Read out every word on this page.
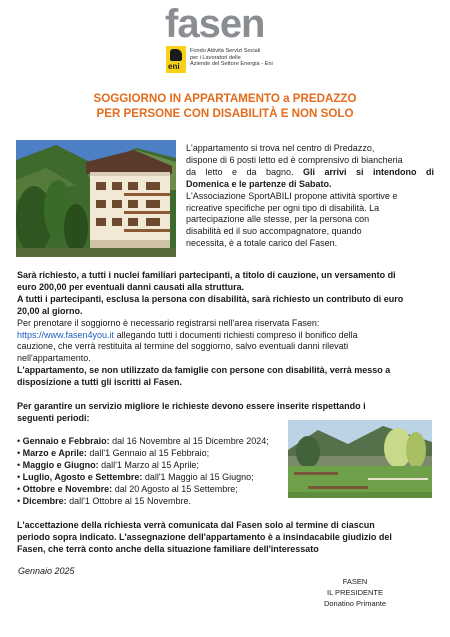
fasen
eni
Fondo Attività Servizi Sociali
per i Lavoratori delle
Aziende del Settore Energia - Eni
SOGGIORNO IN APPARTAMENTO a PREDAZZO
PER PERSONE CON DISABILITÀ E NON SOLO
L'appartamento si trova nel centro di Predazzo,
dispone di 6 posti letto ed è comprensivo di biancheria
da letto e da bagno. Gli arrivi si intendono di
Domenica e le partenze di Sabato.
L'Associazione SportABILI propone attività sportive e
ricreative specifiche per ogni tipo di disabilità. La
partecipazione alle stesse, per la persona con
disabilità ed il suo accompagnatore, quando
necessita, è a totale carico del Fasen.
Sarà richiesto, a tutti i nuclei familiari partecipanti, a titolo di cauzione, un versamento di
euro 200,00 per eventuali danni causati alla struttura.
A tutti i partecipanti, esclusa la persona con disabilità, sarà richiesto un contributo di euro
20,00 al giorno.
Per prenotare il soggiorno è necessario registrarsi nell'area riservata Fasen:
https://www.fasen4you.it allegando tutti i documenti richiesti compreso il bonifico della
cauzione, che verrà restituita al termine del soggiorno, salvo eventuali danni rilevati
nell'appartamento.
L'appartamento, se non utilizzato da famiglie con persone con disabilità, verrà messo a
disposizione a tutti gli iscritti al Fasen.
Per garantire un servizio migliore le richieste devono essere inserite rispettando i
seguenti periodi:
• Gennaio e Febbraio: dal 16 Novembre al 15 Dicembre 2024;
• Marzo e Aprile: dall'1 Gennaio al 15 Febbraio;
• Maggio e Giugno: dall'1 Marzo al 15 Aprile;
• Luglio, Agosto e Settembre: dall'1 Maggio al 15 Giugno;
• Ottobre e Novembre: dal 20 Agosto al 15 Settembre;
• Dicembre: dall'1 Ottobre al 15 Novembre.
L'accettazione della richiesta verrà comunicata dal Fasen solo al termine di ciascun
periodo sopra indicato. L'assegnazione dell'appartamento è a insindacabile giudizio del
Fasen, che terrà conto anche della situazione familiare dell'interessato
Gennaio 2025
FASEN
IL PRESIDENTE
Donatino Primante
